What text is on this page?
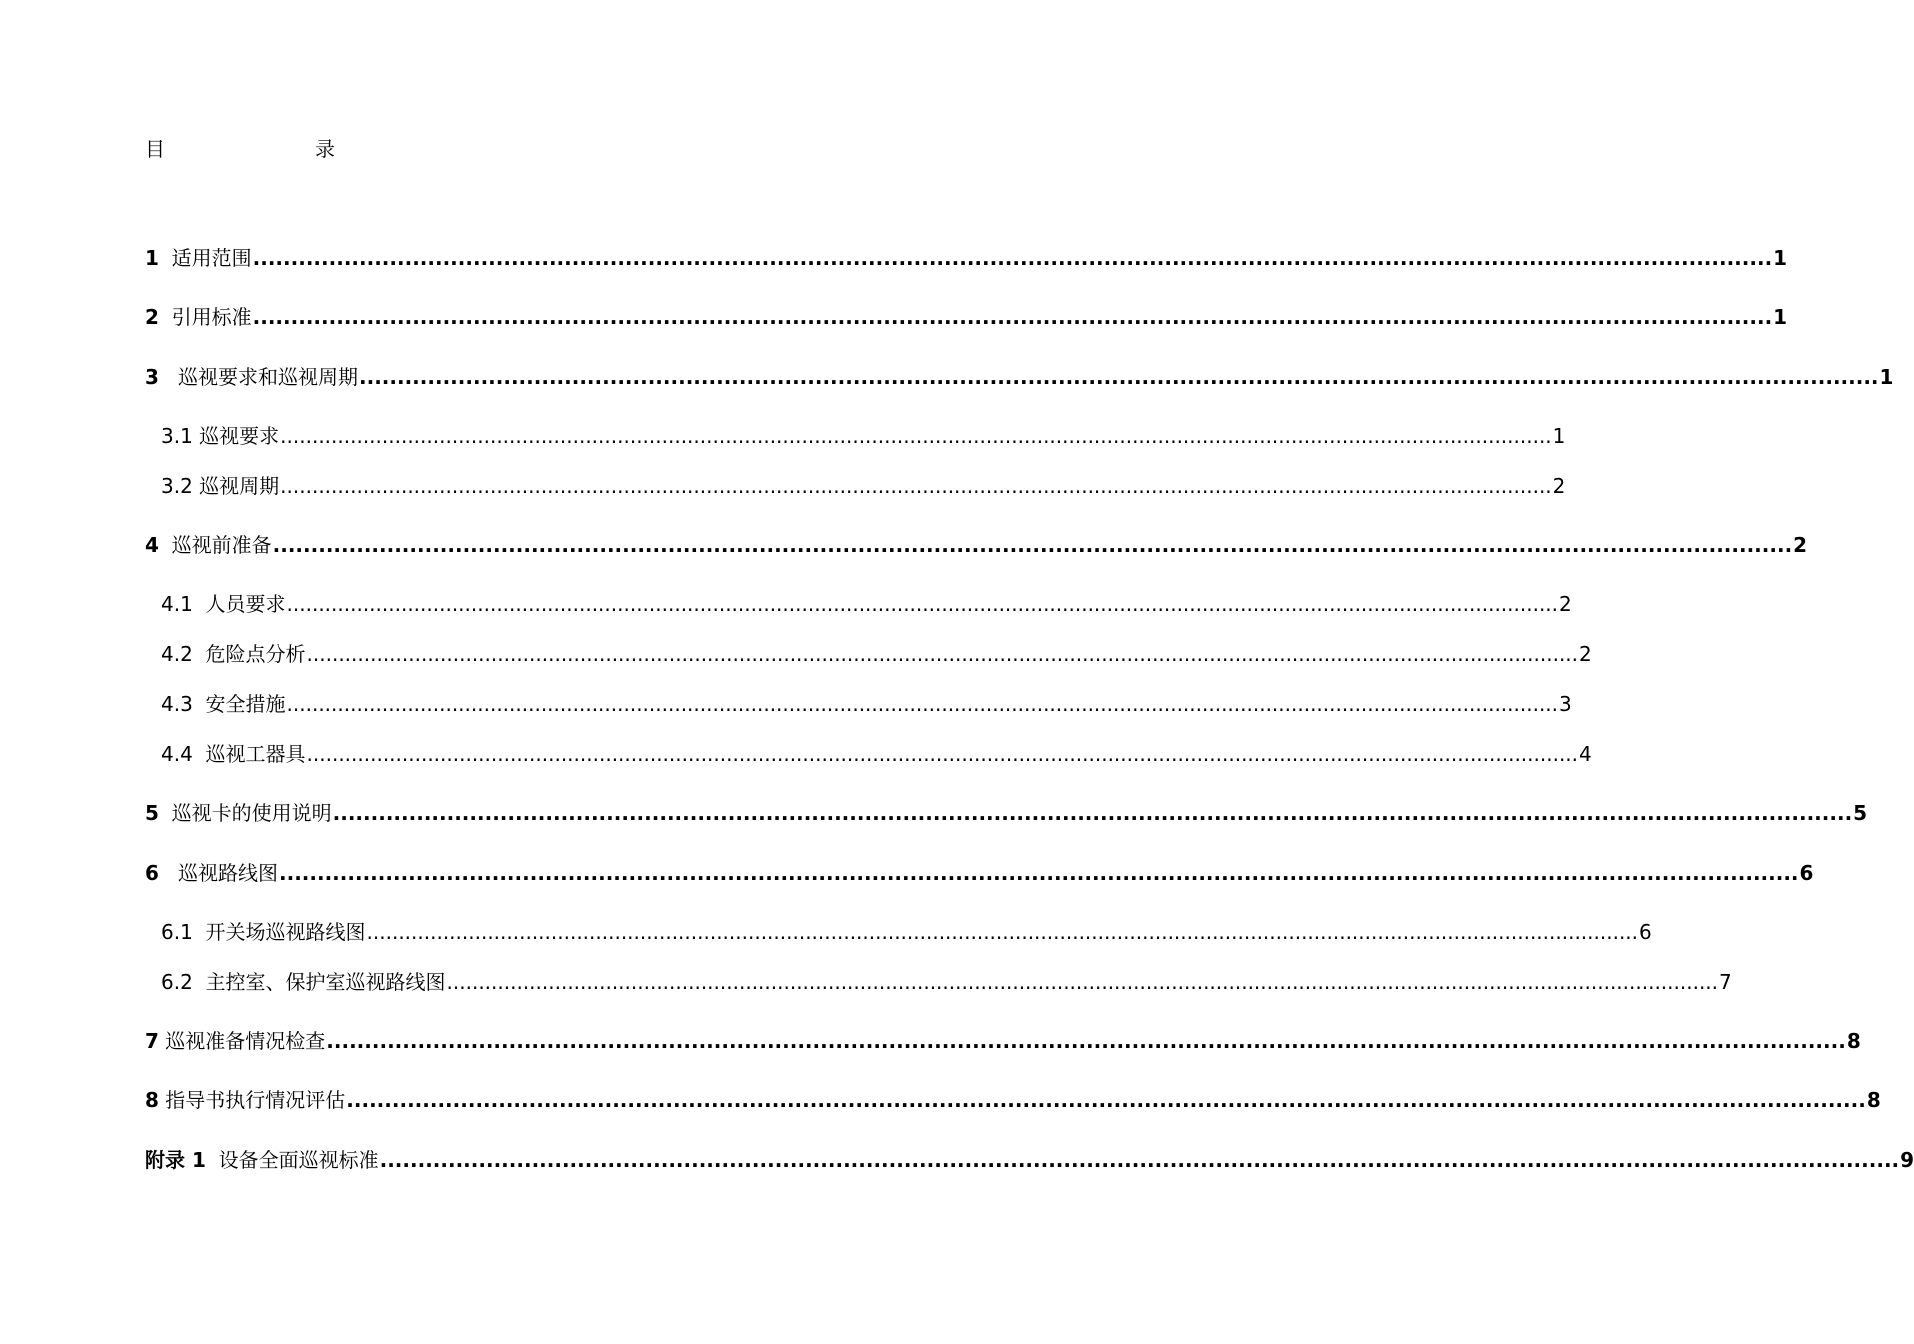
目	录
1
适用范围 ........................................................................................................................................................................................................ 1
2
引用标准 ........................................................................................................................................................................................................ 1
3
巡视要求和巡视周期 ........................................................................................................................................................................................................ 1
3.1
巡视要求 ........................................................................................................................................................................................................ 1
3.2
巡视周期 ........................................................................................................................................................................................................ 2
4
巡视前准备 ........................................................................................................................................................................................................ 2
4.1
人员要求 ........................................................................................................................................................................................................ 2
4.2
危险点分析 ........................................................................................................................................................................................................ 2
4.3
安全措施 ........................................................................................................................................................................................................ 3
4.4
巡视工器具 ........................................................................................................................................................................................................ 4
5
巡视卡的使用说明 ........................................................................................................................................................................................................ 5
6
巡视路线图 ........................................................................................................................................................................................................ 6
6.1
开关场巡视路线图 ........................................................................................................................................................................................................ 6
6.2
主控室、保护室巡视路线图 ........................................................................................................................................................................................................ 7
7
巡视准备情况检查 ........................................................................................................................................................................................................ 8
8
指导书执行情况评估 ........................................................................................................................................................................................................ 8
附录 1
设备全面巡视标准 ........................................................................................................................................................................................................ 9
